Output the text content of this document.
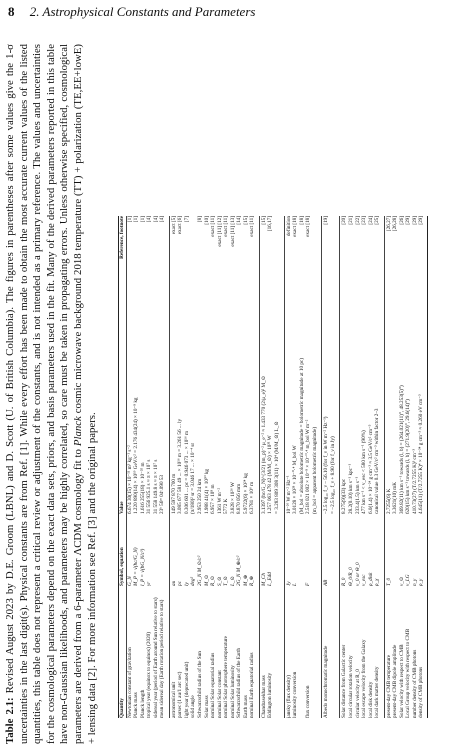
8 2. Astrophysical Constants and Parameters
Table 2.1: Revised August 2023 by D.E. Groom (LBNL) and D. Scott (U. of British Columbia). The figures in parentheses after some values give the 1-σ uncertainties in the last digit(s). Physical constants are from Ref. [1]. While every effort has been made to obtain the most accurate current values of the listed quantities, this table does not represent a critical review or adjustment of the constants, and is not intended as a primary reference. The values and uncertainties for the cosmological parameters depend on the exact data sets, priors, and basis parameters used in the fit. Many of the derived parameters reported in this table have non-Gaussian likelihoods, and parameters may be highly correlated, so care must be taken in propagating errors. Unless otherwise specified, cosmological parameters are derived from a 6-parameter ΛCDM cosmology fit to Planck cosmic microwave background 2018 temperature (TT) + polarization (TE,EE+lowE) + lensing data [2]. For more information see Ref. [3] and the original papers.	Quantity
Symbol, equation
Value
Reference, footnote
Newtonian constant of gravitation
G_N
6.674 30(15) × 10⁻¹¹ m³ kg⁻¹ s⁻²
[1]
Planck mass
M_P = √(ħc/G_N)
1.220 890(14) × 10¹⁹ GeV/c² = 2.176 434(24) × 10⁻⁸ kg
[1]
Planck length
l_P = √(ħG_N/c³)
1.616 255(18) × 10⁻³⁵ m
[1]
tropical year (equinox to equinox) (2020)
yr
31 556 925.1 s ≈ π × 10⁷ s
[4]
sidereal year (period of Earth around Sun relative to stars)
31 558 149.8 s ≈ π × 10⁷ s
[4]
mean sidereal day (Earth rotation period relative to stars)
23ʰ 56ᵐ 04ˢ.090 53
[4]
astronomical unit
au
149 597 870 700 m
exact [5]
parsec (1 au/1 arc sec)
pc
3.085 677 581 49 ... × 10¹⁶ m = 3.261 56 ... ly
exact [6]
light year (deprecated unit)
ly
0.306 601 ... pc = 0.946 073 ... × 10¹⁶ m
[7]
solid angle
deg²
(π/180)² sr = 3.046 17 ... × 10⁻⁴ sr
Schwarzschild radius of the Sun
2G_N M_⊙/c²
2.953 250 24 km
[8]
Solar mass
M_⊙
1.988 41(4) × 10³⁰ kg
[10]
nominal Solar equatorial radius
R_⊙
6.957 × 10⁸ m
exact [11]
nominal Solar constant
S_⊙
1361 W m⁻²
exact [11] [12]
nominal Solar photosphere temperature
T_⊙
5772 K
exact [11]
nominal Solar luminosity
L_⊙
3.828 × 10²⁶ W
exact [11] [13]
Schwarzschild radius of the Earth
2G_N M_⊕/c²
8.870 056 mm
[14]
Earth mass
M_⊕
5.9722(6) × 10²⁴ kg
[15]
nominal Earth equatorial radius
R_⊕
6.3781 × 10⁶ m
exact [11]
Chandrasekhar mass
M_Ch
3.1397 (h̄c/G_N)^{3/2} (m_p)⁻² μ_e⁻² ≈ 1.433 770 (2/μ_e)² M_⊙
[15]
Eddington luminosity
L_Edd
1.257 063 478 42 (M/M_⊙) × 10³¹ W
[16,17]
= 3.283 809 308 3(11) × 10⁴ (M/M_⊙) L_⊙
jansky (flux density)
Jy
10⁻²⁶ W m⁻² Hz⁻¹
definition
luminosity conversion
L
3.0128 × 10²⁸ × 10⁻⁰·⁴ M_bol W
exact [18]
(M_bol = absolute bolometric magnitude = bolometric magnitude at 10 pc)
[18]
flux conversion
F
2.518 021 002 × 10⁻⁸ × 10⁻⁰·⁴ m_bol W m⁻²
exact [18]
(m_bol = apparent bolometric magnitude)
Albedo monochromatic magnitude
AB
−2.5 log₁₀ f_ν − 56.10 (for f_ν in W m⁻² Hz⁻¹)
[19]
= −2.5 log₁₀ f_ν + 8.90 (for f_ν in Jy)
Solar distance from Galactic center
R_0
8.275(9)(33) kpc
[20]
local circular rotation velocity
Θ_0/R_0
28.2(0.10) km s⁻¹ kpc⁻¹
[21]
circular velocity at R_0
v_0 or Θ_0
233.4(1.5) km s⁻¹
[22]
local escape velocity from the Galaxy
v_esc
477 km s⁻¹ < v_esc < 580 km s⁻¹ (90%)
[23]
local disk density
ρ_disk
6.0(1.4) × 10⁻²⁴ g cm⁻³ ≈ 3.5 GeV/c² cm⁻³
[24]
local dark matter density
ρ_χ
canonical value 0.3 GeV/c² cm⁻³ within factor 2–3
[25]
present-day CMB temperature
T_0
2.7255(6) K
[26,27]
present-day CMB dipole amplitude
3.3621(10) mK
[26,28]
Solar velocity with respect to CMB
v_⊙
369.82(11) km s⁻¹ towards (l, b) = (264.021(11)°, 48.253(5)°)
[26]
Local Group velocity with respect to CMB
v_LG
620(15) km s⁻¹ towards (l, b) = (271.9(20)°, 29.6(14)°)
[29]
number density of CMB photons
n_γ
410.73(27) (T/2.7255 K)³ cm⁻³
[29]
density of CMB photons
ρ_γ
4.645(11) (T/2.7255 K)⁴ × 10⁻³⁴ g cm⁻³ ≈ 0.260 eV cm⁻³
[29]
